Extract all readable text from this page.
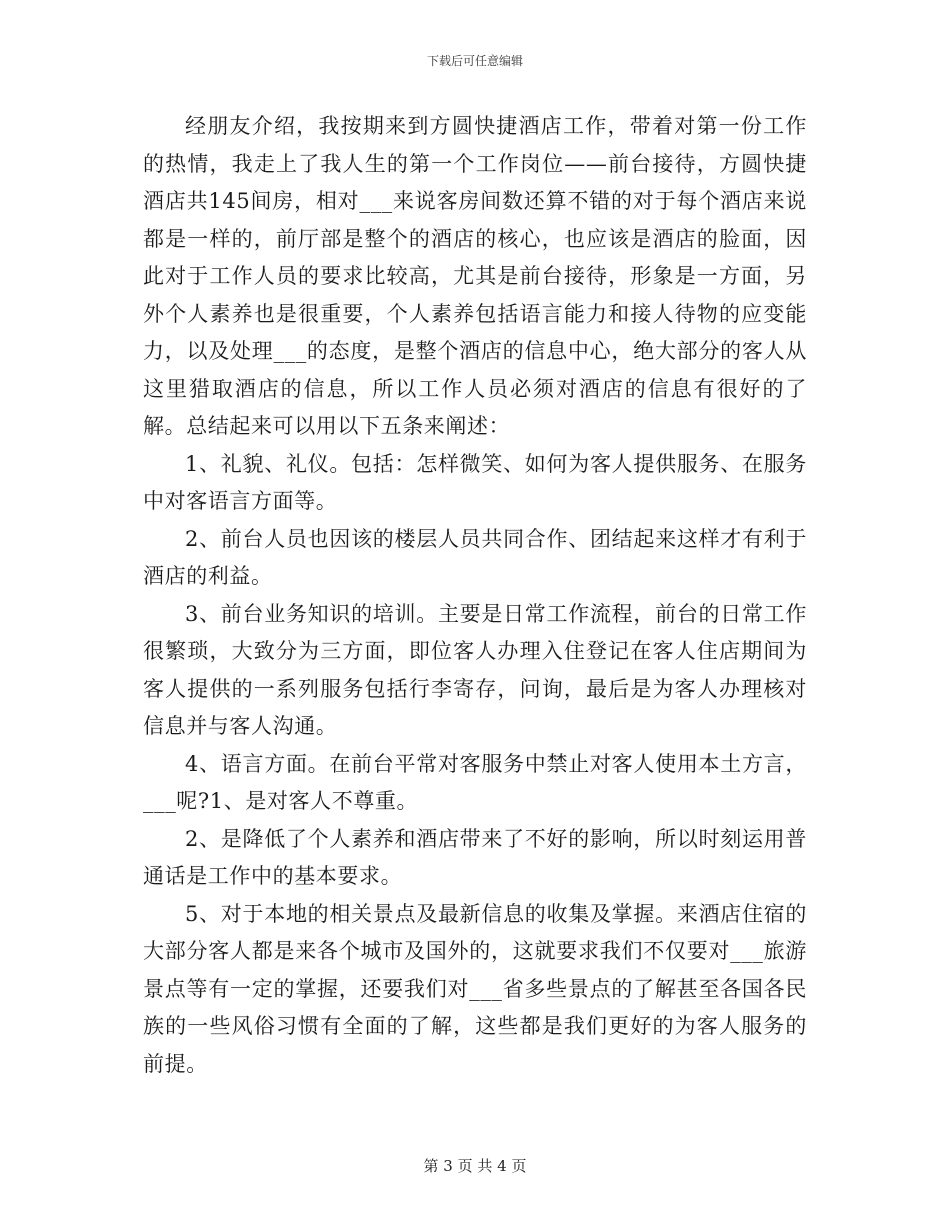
下载后可任意编辑

经朋友介绍，我按期来到方圆快捷酒店工作，带着对第一份工作的热情，我走上了我人生的第一个工作岗位——前台接待，方圆快捷酒店共145间房，相对___来说客房间数还算不错的对于每个酒店来说都是一样的，前厅部是整个的酒店的核心，也应该是酒店的脸面，因此对于工作人员的要求比较高，尤其是前台接待，形象是一方面，另外个人素养也是很重要，个人素养包括语言能力和接人待物的应变能力，以及处理___的态度，是整个酒店的信息中心，绝大部分的客人从这里猎取酒店的信息，所以工作人员必须对酒店的信息有很好的了解。总结起来可以用以下五条来阐述：

1、礼貌、礼仪。包括：怎样微笑、如何为客人提供服务、在服务中对客语言方面等。

2、前台人员也因该的楼层人员共同合作、团结起来这样才有利于酒店的利益。

3、前台业务知识的培训。主要是日常工作流程，前台的日常工作很繁琐，大致分为三方面，即位客人办理入住登记在客人住店期间为客人提供的一系列服务包括行李寄存，问询，最后是为客人办理核对信息并与客人沟通。

4、语言方面。在前台平常对客服务中禁止对客人使用本土方言，___呢?1、是对客人不尊重。

2、是降低了个人素养和酒店带来了不好的影响，所以时刻运用普通话是工作中的基本要求。

5、对于本地的相关景点及最新信息的收集及掌握。来酒店住宿的大部分客人都是来各个城市及国外的，这就要求我们不仅要对___旅游景点等有一定的掌握，还要我们对___省多些景点的了解甚至各国各民族的一些风俗习惯有全面的了解，这些都是我们更好的为客人服务的前提。

第 3 页 共 4 页
